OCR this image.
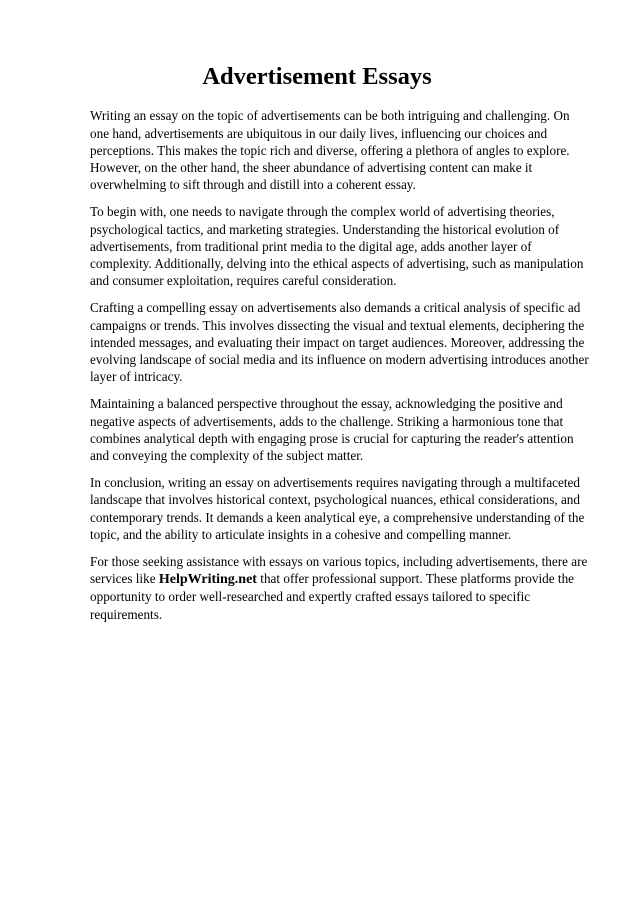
Advertisement Essays

Writing an essay on the topic of advertisements can be both intriguing and challenging. On one hand, advertisements are ubiquitous in our daily lives, influencing our choices and perceptions. This makes the topic rich and diverse, offering a plethora of angles to explore. However, on the other hand, the sheer abundance of advertising content can make it overwhelming to sift through and distill into a coherent essay.

To begin with, one needs to navigate through the complex world of advertising theories, psychological tactics, and marketing strategies. Understanding the historical evolution of advertisements, from traditional print media to the digital age, adds another layer of complexity. Additionally, delving into the ethical aspects of advertising, such as manipulation and consumer exploitation, requires careful consideration.

Crafting a compelling essay on advertisements also demands a critical analysis of specific ad campaigns or trends. This involves dissecting the visual and textual elements, deciphering the intended messages, and evaluating their impact on target audiences. Moreover, addressing the evolving landscape of social media and its influence on modern advertising introduces another layer of intricacy.

Maintaining a balanced perspective throughout the essay, acknowledging the positive and negative aspects of advertisements, adds to the challenge. Striking a harmonious tone that combines analytical depth with engaging prose is crucial for capturing the reader's attention and conveying the complexity of the subject matter.

In conclusion, writing an essay on advertisements requires navigating through a multifaceted landscape that involves historical context, psychological nuances, ethical considerations, and contemporary trends. It demands a keen analytical eye, a comprehensive understanding of the topic, and the ability to articulate insights in a cohesive and compelling manner.

For those seeking assistance with essays on various topics, including advertisements, there are services like HelpWriting.net that offer professional support. These platforms provide the opportunity to order well-researched and expertly crafted essays tailored to specific requirements.
